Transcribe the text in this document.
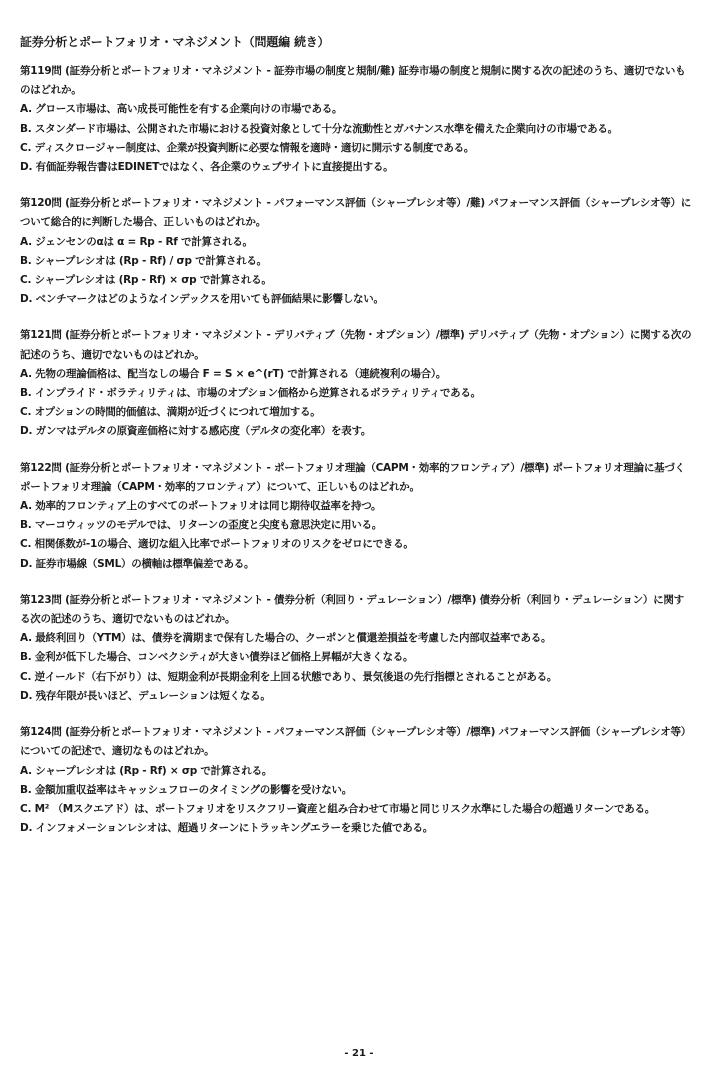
証券分析とポートフォリオ・マネジメント（問題編 続き）

第119問 (証券分析とポートフォリオ・マネジメント - 証券市場の制度と規制/難) 証券市場の制度と規制に関する次の記述のうち、適切でないものはどれか。

A. グロース市場は、高い成長可能性を有する企業向けの市場である。

B. スタンダード市場は、公開された市場における投資対象として十分な流動性とガバナンス水準を備えた企業向けの市場である。

C. ディスクロージャー制度は、企業が投資判断に必要な情報を適時・適切に開示する制度である。

D. 有価証券報告書はEDINETではなく、各企業のウェブサイトに直接提出する。

第120問 (証券分析とポートフォリオ・マネジメント - パフォーマンス評価（シャープレシオ等）/難) パフォーマンス評価（シャープレシオ等）について総合的に判断した場合、正しいものはどれか。

A. ジェンセンのαは α = Rp - Rf で計算される。

B. シャープレシオは (Rp - Rf) / σp で計算される。

C. シャープレシオは (Rp - Rf) × σp で計算される。

D. ベンチマークはどのようなインデックスを用いても評価結果に影響しない。

第121問 (証券分析とポートフォリオ・マネジメント - デリバティブ（先物・オプション）/標準) デリバティブ（先物・オプション）に関する次の記述のうち、適切でないものはどれか。

A. 先物の理論価格は、配当なしの場合 F = S × e^(rT) で計算される（連続複利の場合）。

B. インプライド・ボラティリティは、市場のオプション価格から逆算されるボラティリティである。

C. オプションの時間的価値は、満期が近づくにつれて増加する。

D. ガンマはデルタの原資産価格に対する感応度（デルタの変化率）を表す。

第122問 (証券分析とポートフォリオ・マネジメント - ポートフォリオ理論（CAPM・効率的フロンティア）/標準) ポートフォリオ理論に基づくポートフォリオ理論（CAPM・効率的フロンティア）について、正しいものはどれか。

A. 効率的フロンティア上のすべてのポートフォリオは同じ期待収益率を持つ。

B. マーコウィッツのモデルでは、リターンの歪度と尖度も意思決定に用いる。

C. 相関係数が-1の場合、適切な組入比率でポートフォリオのリスクをゼロにできる。

D. 証券市場線（SML）の横軸は標準偏差である。

第123問 (証券分析とポートフォリオ・マネジメント - 債券分析（利回り・デュレーション）/標準) 債券分析（利回り・デュレーション）に関する次の記述のうち、適切でないものはどれか。

A. 最終利回り（YTM）は、債券を満期まで保有した場合の、クーポンと償還差損益を考慮した内部収益率である。

B. 金利が低下した場合、コンベクシティが大きい債券ほど価格上昇幅が大きくなる。

C. 逆イールド（右下がり）は、短期金利が長期金利を上回る状態であり、景気後退の先行指標とされることがある。

D. 残存年限が長いほど、デュレーションは短くなる。

第124問 (証券分析とポートフォリオ・マネジメント - パフォーマンス評価（シャープレシオ等）/標準) パフォーマンス評価（シャープレシオ等）についての記述で、適切なものはどれか。

A. シャープレシオは (Rp - Rf) × σp で計算される。

B. 金額加重収益率はキャッシュフローのタイミングの影響を受けない。

C. M² （Mスクエアド）は、ポートフォリオをリスクフリー資産と組み合わせて市場と同じリスク水準にした場合の超過リターンである。

D. インフォメーションレシオは、超過リターンにトラッキングエラーを乗じた値である。

- 21 -
